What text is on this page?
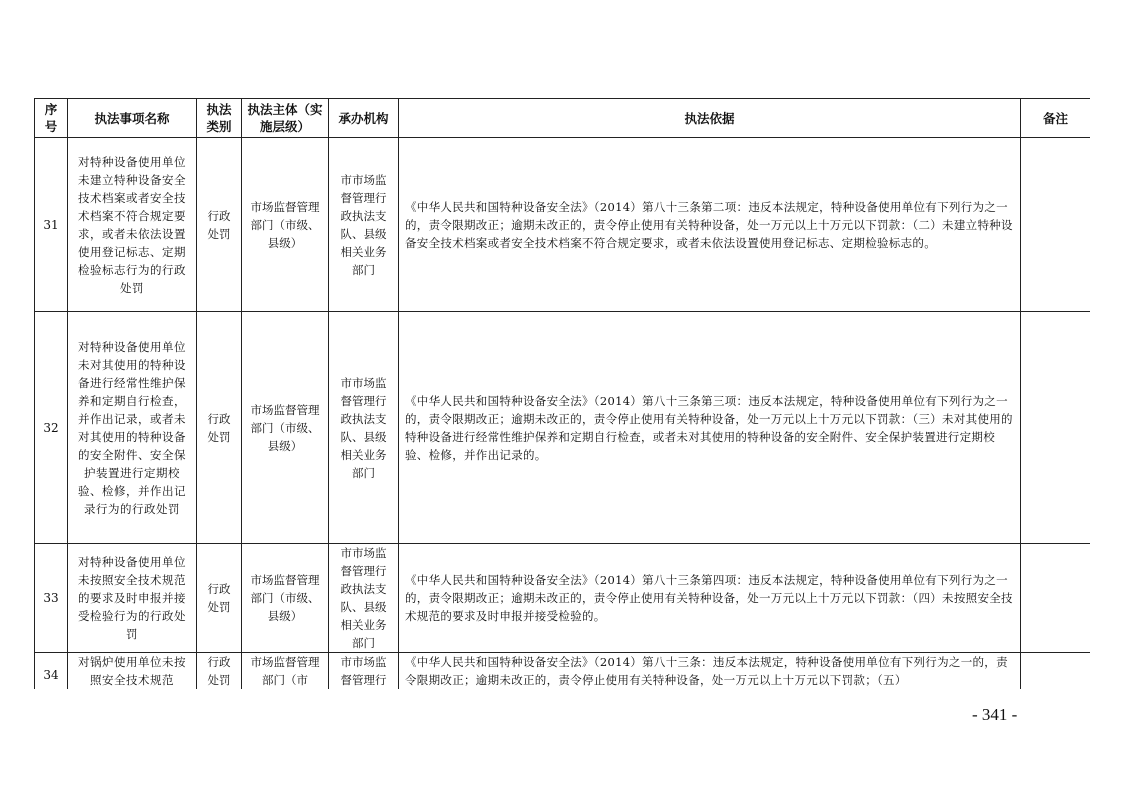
序号	执法事项名称	执法类别	执法主体（实施层级）	承办机构	执法依据	备注
31	对特种设备使用单位未建立特种设备安全技术档案或者安全技术档案不符合规定要求，或者未依法设置使用登记标志、定期检验标志行为的行政处罚	行政处罚	市场监督管理部门（市级、县级）	市市场监督管理行政执法支队、县级相关业务部门	《中华人民共和国特种设备安全法》（2014）第八十三条第二项：违反本法规定，特种设备使用单位有下列行为之一的，责令限期改正；逾期未改正的，责令停止使用有关特种设备，处一万元以上十万元以下罚款：（二）未建立特种设备安全技术档案或者安全技术档案不符合规定要求，或者未依法设置使用登记标志、定期检验标志的。	
32	对特种设备使用单位未对其使用的特种设备进行经常性维护保养和定期自行检查，并作出记录，或者未对其使用的特种设备的安全附件、安全保护装置进行定期校验、检修，并作出记录行为的行政处罚	行政处罚	市场监督管理部门（市级、县级）	市市场监督管理行政执法支队、县级相关业务部门	《中华人民共和国特种设备安全法》（2014）第八十三条第三项：违反本法规定，特种设备使用单位有下列行为之一的，责令限期改正；逾期未改正的，责令停止使用有关特种设备，处一万元以上十万元以下罚款：（三）未对其使用的特种设备进行经常性维护保养和定期自行检查，或者未对其使用的特种设备的安全附件、安全保护装置进行定期校验、检修，并作出记录的。	
33	对特种设备使用单位未按照安全技术规范的要求及时申报并接受检验行为的行政处罚	行政处罚	市场监督管理部门（市级、县级）	市市场监督管理行政执法支队、县级相关业务部门	《中华人民共和国特种设备安全法》（2014）第八十三条第四项：违反本法规定，特种设备使用单位有下列行为之一的，责令限期改正；逾期未改正的，责令停止使用有关特种设备，处一万元以上十万元以下罚款：（四）未按照安全技术规范的要求及时申报并接受检验的。	
34	对锅炉使用单位未按照安全技术规范	行政处罚	市场监督管理部门（市	市市场监督管理行	《中华人民共和国特种设备安全法》（2014）第八十三条：违反本法规定，特种设备使用单位有下列行为之一的，责令限期改正；逾期未改正的，责令停止使用有关特种设备，处一万元以上十万元以下罚款；（五）	
- 341 -
